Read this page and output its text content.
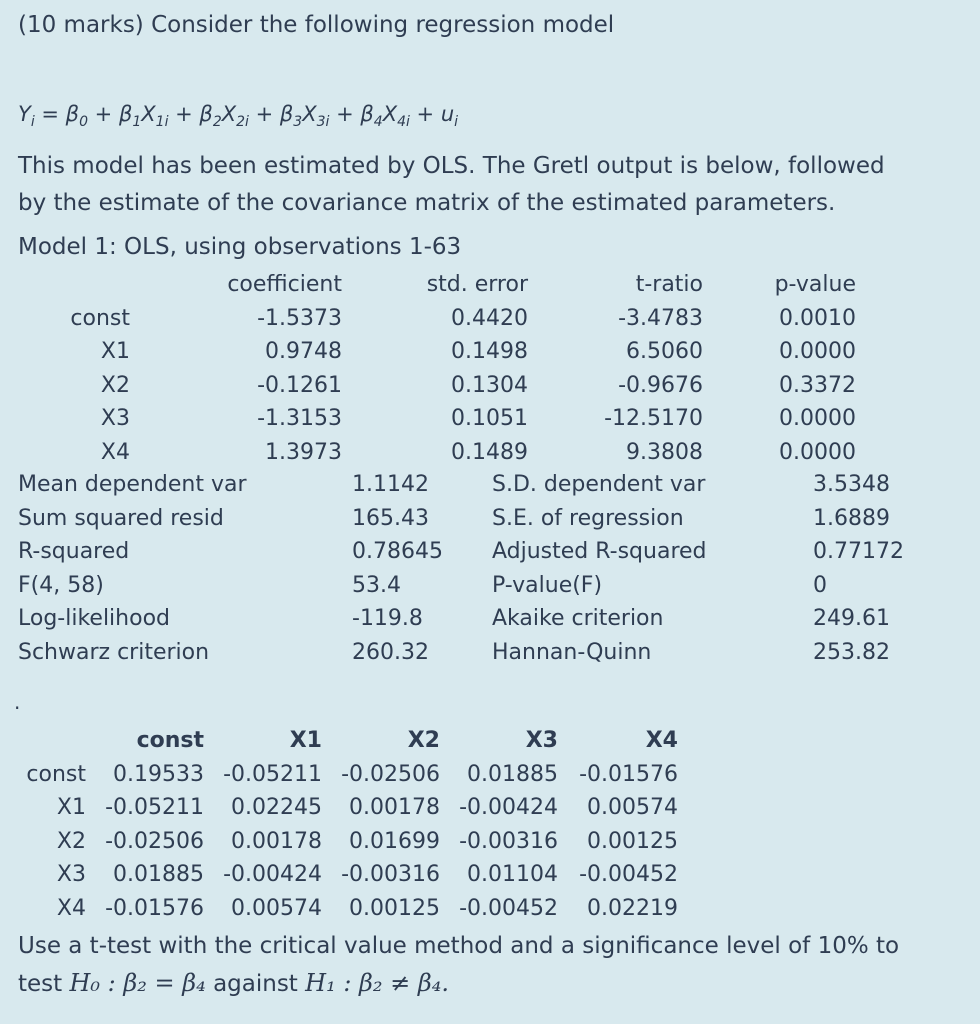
(10 marks) Consider the following regression model
$Y_i = \beta_0 + \beta_1X_{1i} + \beta_2X_{2i} + \beta_3X_{3i} + \beta_4X_{4i} + u_i$
This model has been estimated by OLS. The Gretl output is below, followed
by the estimate of the covariance matrix of the estimated parameters.
Model 1: OLS, using observations 1-63
coefficient	std. error	t-ratio	p-value
const	-1.5373	0.4420	-3.4783	0.0010
X1	0.9748	0.1498	6.5060	0.0000
X2	-0.1261	0.1304	-0.9676	0.3372
X3	-1.3153	0.1051	-12.5170	0.0000
X4	1.3973	0.1489	9.3808	0.0000
Mean dependent var	1.1142	S.D. dependent var	3.5348
Sum squared resid	165.43	S.E. of regression	1.6889
R-squared	0.78645 Adjusted R-squared	0.77172
F(4, 58)	53.4	P-value(F)	0
Log-likelihood	-119.8	Akaike criterion	249.61
Schwarz criterion	260.32	Hannan-Quinn	253.82
.
const	X1	X2	X3	X4
const	0.19533 -0.05211 -0.02506	0.01885 -0.01576
X1 -0.05211	0.02245	0.00178 -0.00424	0.00574
X2 -0.02506	0.00178	0.01699 -0.00316	0.00125
X3	0.01885 -0.00424 -0.00316	0.01104 -0.00452
X4 -0.01576	0.00574	0.00125 -0.00452	0.02219
Use a t-test with the critical value method and a significance level of 10% to
test H₀ : β₂ = β₄ against H₁ : β₂ ≠ β₄.
